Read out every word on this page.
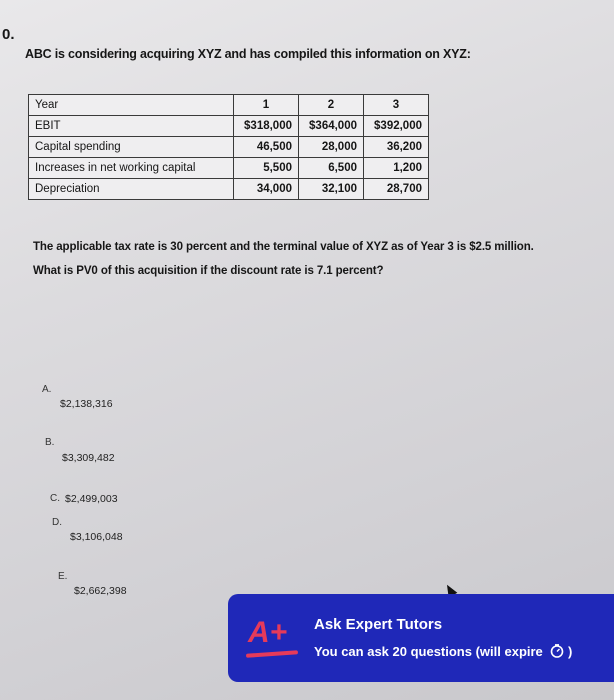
0.
ABC is considering acquiring XYZ and has compiled this information on XYZ:
Year	1	2	3
EBIT	$318,000	$364,000	$392,000
Capital spending	46,500	28,000	36,200
Increases in net working capital	5,500	6,500	1,200
Depreciation	34,000	32,100	28,700
The applicable tax rate is 30 percent and the terminal value of XYZ as of Year 3 is $2.5 million.
What is PV0 of this acquisition if the discount rate is 7.1 percent?
A.
$2,138,316
B.
$3,309,482
C. $2,499,003
D.
$3,106,048
E.
$2,662,398
A+ Ask Expert Tutors
You can ask 20 questions (will expire )
